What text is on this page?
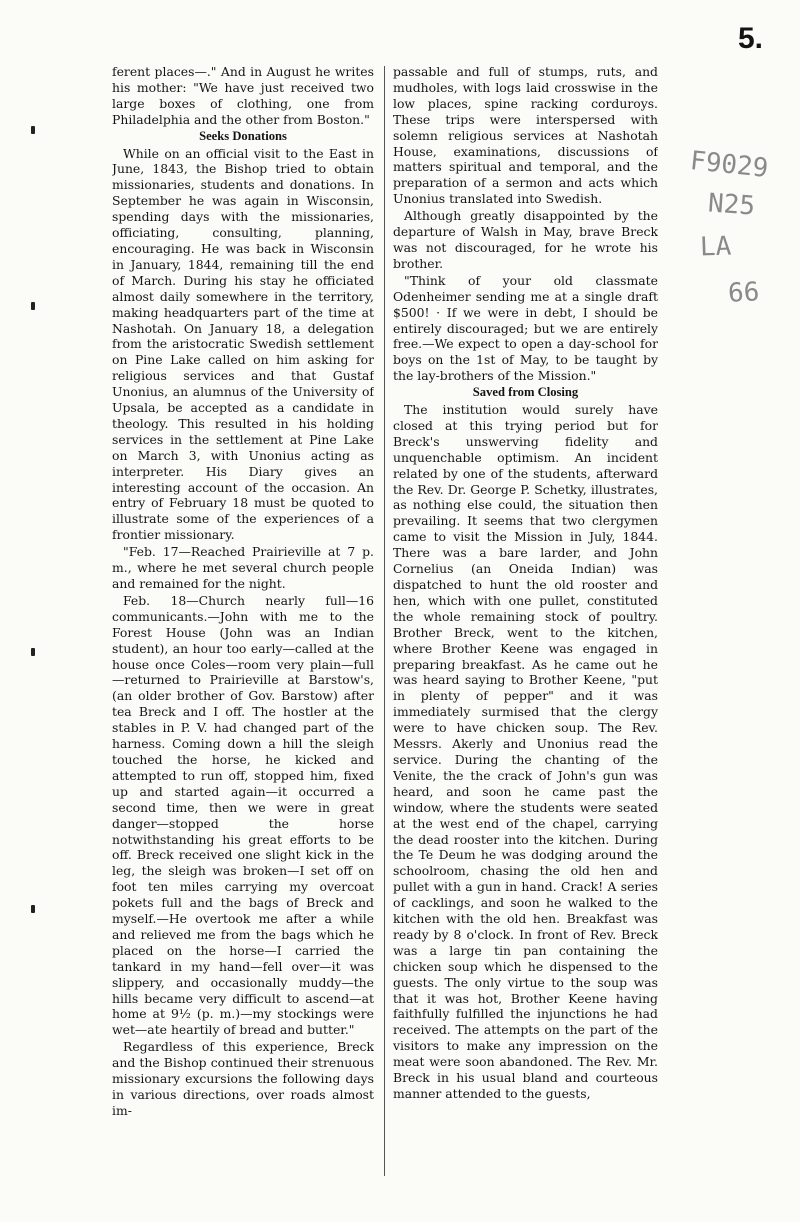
5.
F9029
N25
LA
66

ferent places—." And in August he writes his mother: "We have just received two large boxes of clothing, one from Philadelphia and the other from Boston."

Seeks Donations

While on an official visit to the East in June, 1843, the Bishop tried to obtain missionaries, students and donations. In September he was again in Wisconsin, spending days with the missionaries, officiating, consulting, planning, encouraging. He was back in Wisconsin in January, 1844, remaining till the end of March. During his stay he officiated almost daily somewhere in the territory, making headquarters part of the time at Nashotah. On January 18, a delegation from the aristocratic Swedish settlement on Pine Lake called on him asking for religious services and that Gustaf Unonius, an alumnus of the University of Upsala, be accepted as a candidate in theology. This resulted in his holding services in the settlement at Pine Lake on March 3, with Unonius acting as interpreter. His Diary gives an interesting account of the occasion. An entry of February 18 must be quoted to illustrate some of the experiences of a frontier missionary.

"Feb. 17—Reached Prairieville at 7 p. m., where he met several church people and remained for the night.

Feb. 18—Church nearly full—16 communicants.—John with me to the Forest House (John was an Indian student), an hour too early—called at the house once Coles—room very plain—full—returned to Prairieville at Barstow's, (an older brother of Gov. Barstow) after tea Breck and I off. The hostler at the stables in P. V. had changed part of the harness. Coming down a hill the sleigh touched the horse, he kicked and attempted to run off, stopped him, fixed up and started again—it occurred a second time, then we were in great danger—stopped the horse notwithstanding his great efforts to be off. Breck received one slight kick in the leg, the sleigh was broken—I set off on foot ten miles carrying my overcoat pokets full and the bags of Breck and myself.—He overtook me after a while and relieved me from the bags which he placed on the horse—I carried the tankard in my hand—fell over—it was slippery, and occasionally muddy—the hills became very difficult to ascend—at home at 9½ (p. m.)—my stockings were wet—ate heartily of bread and butter."

Regardless of this experience, Breck and the Bishop continued their strenuous missionary excursions the following days in various directions, over roads almost im-

passable and full of stumps, ruts, and mudholes, with logs laid crosswise in the low places, spine racking corduroys. These trips were interspersed with solemn religious services at Nashotah House, examinations, discussions of matters spiritual and temporal, and the preparation of a sermon and acts which Unonius translated into Swedish.

Although greatly disappointed by the departure of Walsh in May, brave Breck was not discouraged, for he wrote his brother.

"Think of your old classmate Odenheimer sending me at a single draft $500! · If we were in debt, I should be entirely discouraged; but we are entirely free.—We expect to open a day-school for boys on the 1st of May, to be taught by the lay-brothers of the Mission."

Saved from Closing

The institution would surely have closed at this trying period but for Breck's unswerving fidelity and unquenchable optimism. An incident related by one of the students, afterward the Rev. Dr. George P. Schetky, illustrates, as nothing else could, the situation then prevailing. It seems that two clergymen came to visit the Mission in July, 1844. There was a bare larder, and John Cornelius (an Oneida Indian) was dispatched to hunt the old rooster and hen, which with one pullet, constituted the whole remaining stock of poultry. Brother Breck, went to the kitchen, where Brother Keene was engaged in preparing breakfast. As he came out he was heard saying to Brother Keene, "put in plenty of pepper" and it was immediately surmised that the clergy were to have chicken soup. The Rev. Messrs. Akerly and Unonius read the service. During the chanting of the Venite, the the crack of John's gun was heard, and soon he came past the window, where the students were seated at the west end of the chapel, carrying the dead rooster into the kitchen. During the Te Deum he was dodging around the schoolroom, chasing the old hen and pullet with a gun in hand. Crack! A series of cacklings, and soon he walked to the kitchen with the old hen. Breakfast was ready by 8 o'clock. In front of Rev. Breck was a large tin pan containing the chicken soup which he dispensed to the guests. The only virtue to the soup was that it was hot, Brother Keene having faithfully fulfilled the injunctions he had received. The attempts on the part of the visitors to make any impression on the meat were soon abandoned. The Rev. Mr. Breck in his usual bland and courteous manner attended to the guests,
